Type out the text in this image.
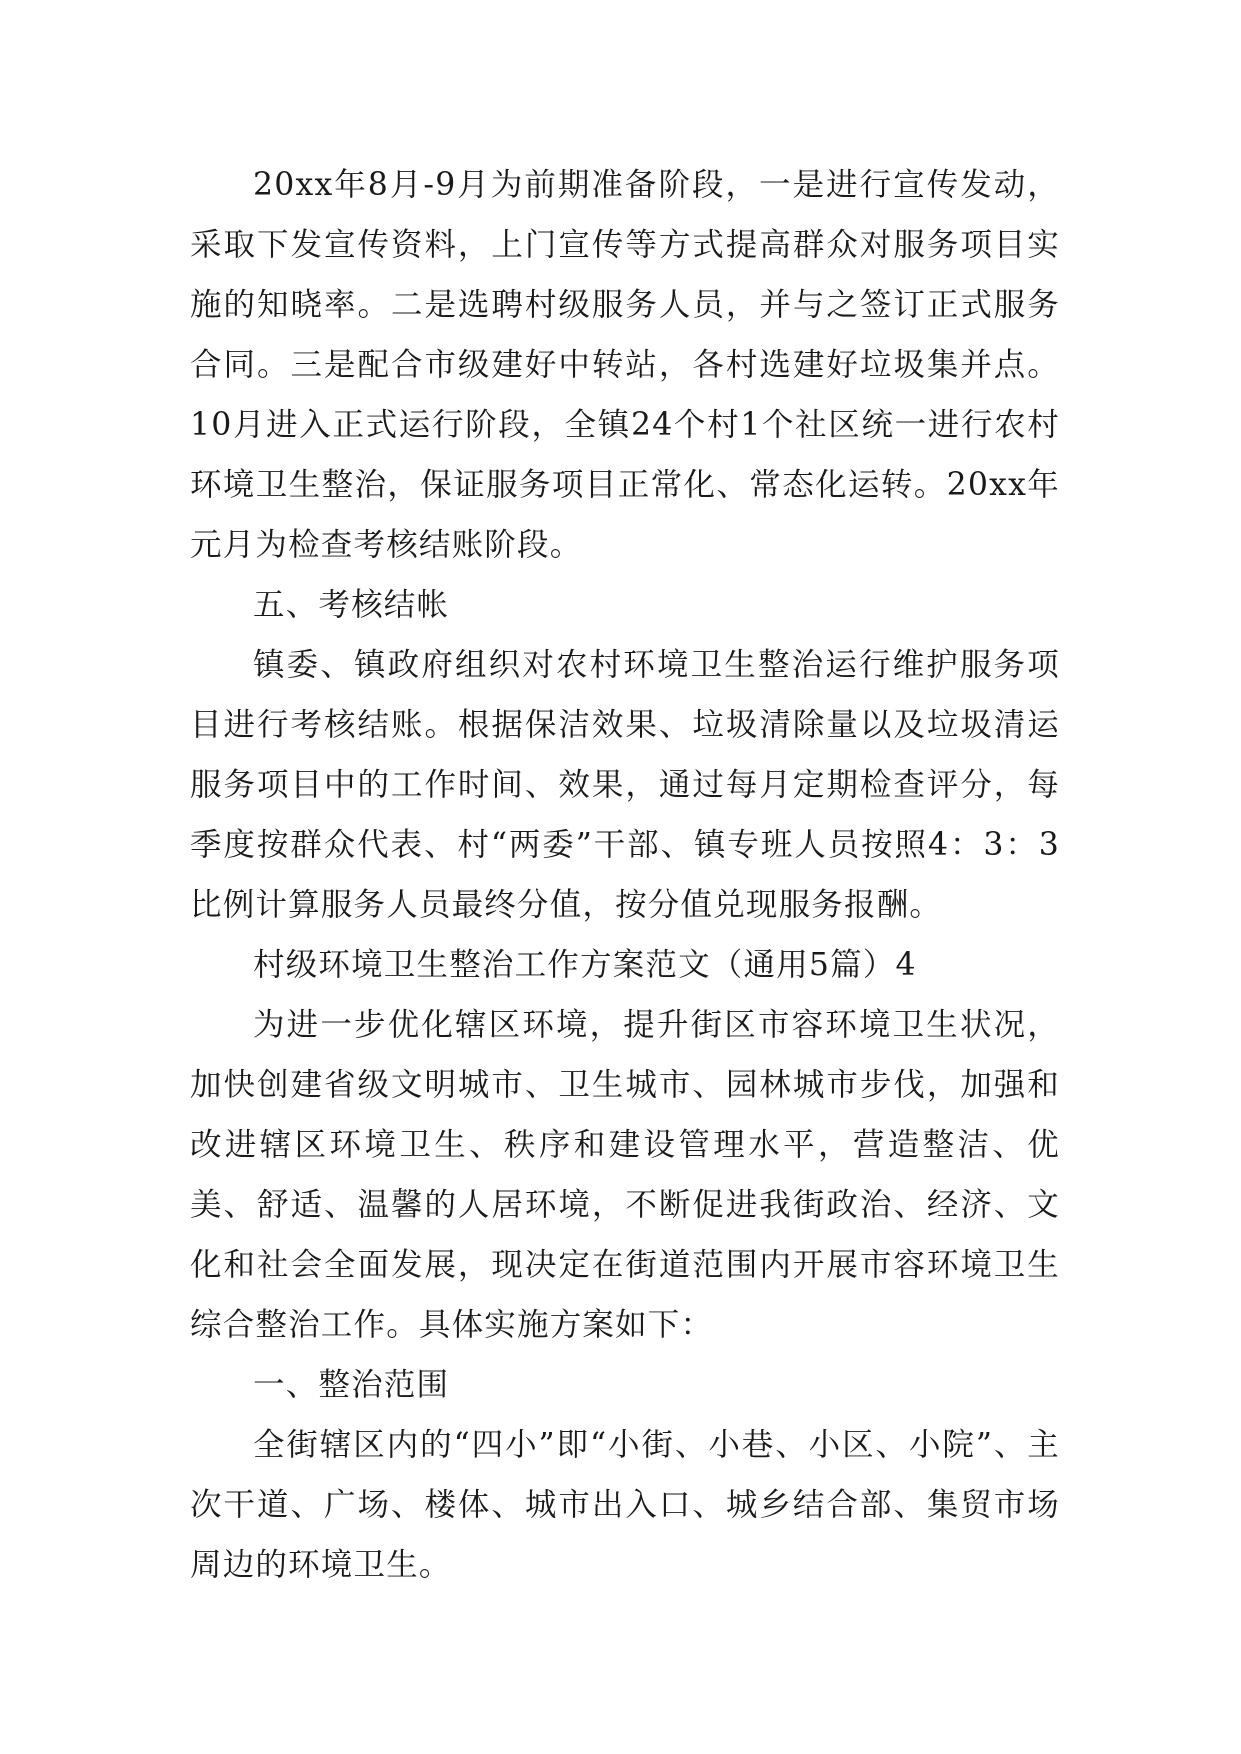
20xx年8月-9月为前期准备阶段，一是进行宣传发动，采取下发宣传资料，上门宣传等方式提高群众对服务项目实施的知晓率。二是选聘村级服务人员，并与之签订正式服务合同。三是配合市级建好中转站，各村选建好垃圾集并点。10月进入正式运行阶段，全镇24个村1个社区统一进行农村环境卫生整治，保证服务项目正常化、常态化运转。20xx年元月为检查考核结账阶段。

五、考核结帐

镇委、镇政府组织对农村环境卫生整治运行维护服务项目进行考核结账。根据保洁效果、垃圾清除量以及垃圾清运服务项目中的工作时间、效果，通过每月定期检查评分，每季度按群众代表、村“两委”干部、镇专班人员按照4：3：3比例计算服务人员最终分值，按分值兑现服务报酬。

村级环境卫生整治工作方案范文（通用5篇）4

为进一步优化辖区环境，提升街区市容环境卫生状况，加快创建省级文明城市、卫生城市、园林城市步伐，加强和改进辖区环境卫生、秩序和建设管理水平，营造整洁、优美、舒适、温馨的人居环境，不断促进我街政治、经济、文化和社会全面发展，现决定在街道范围内开展市容环境卫生综合整治工作。具体实施方案如下：

一、整治范围

全街辖区内的“四小”即“小街、小巷、小区、小院”、主次干道、广场、楼体、城市出入口、城乡结合部、集贸市场周边的环境卫生。
